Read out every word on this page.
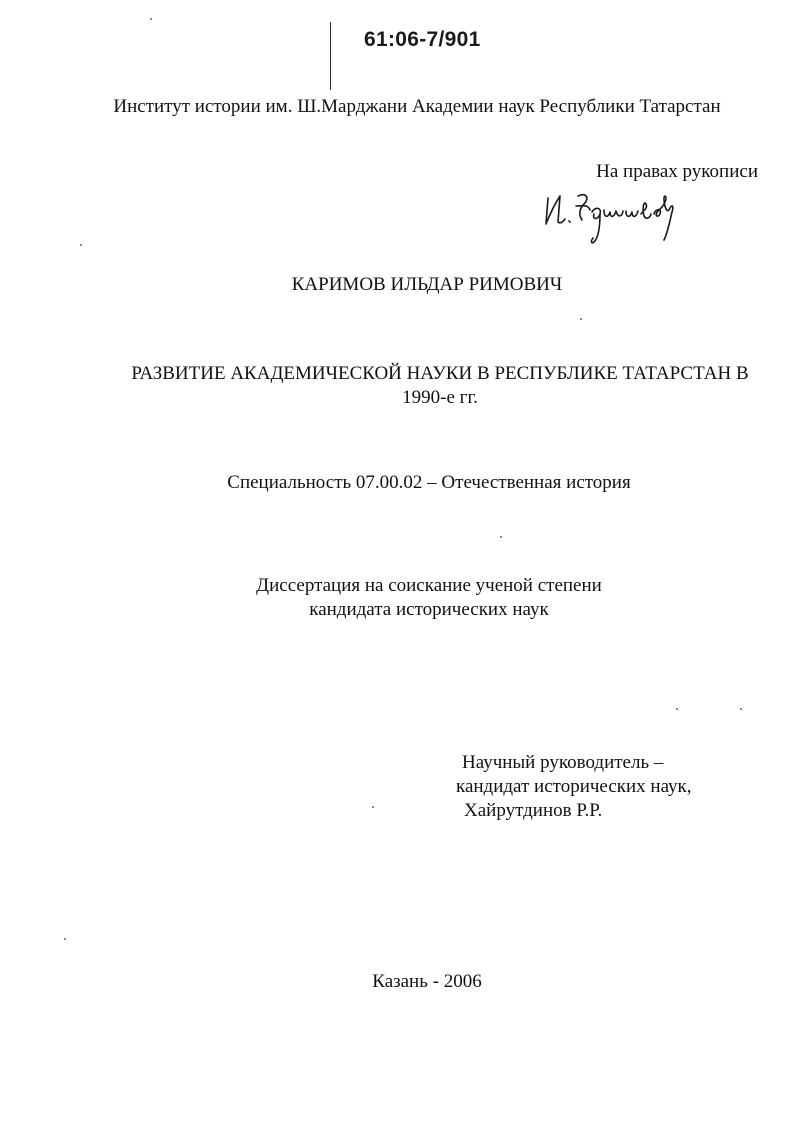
61:06-7/901
Институт истории им. Ш.Марджани Академии наук Республики Татарстан
На правах рукописи
КАРИМОВ ИЛЬДАР РИМОВИЧ
РАЗВИТИЕ АКАДЕМИЧЕСКОЙ НАУКИ В РЕСПУБЛИКЕ ТАТАРСТАН В
1990-е гг.
Специальность 07.00.02 – Отечественная история
Диссертация на соискание ученой степени
кандидата исторических наук
Научный руководитель –
кандидат исторических наук,
Хайрутдинов Р.Р.
Казань - 2006
